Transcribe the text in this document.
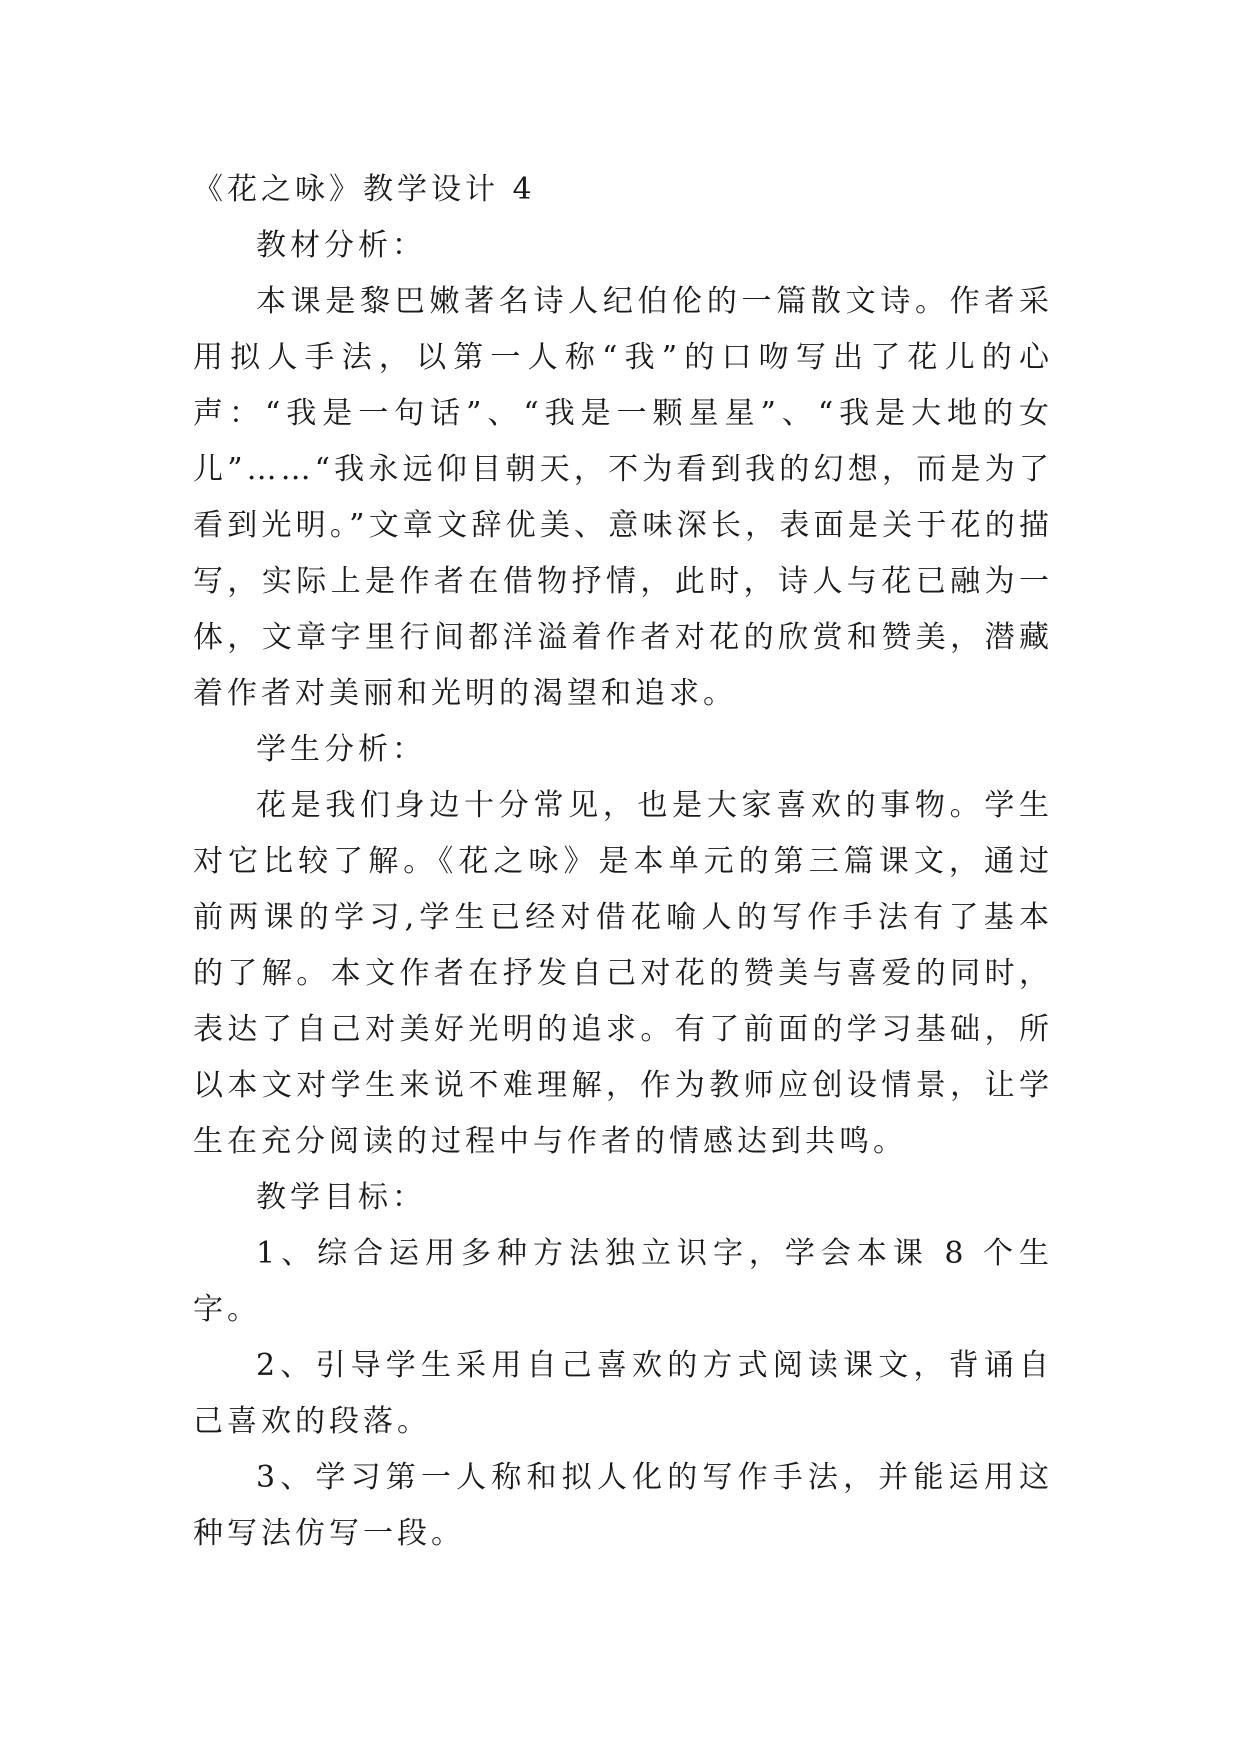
《花之咏》教学设计 4

教材分析：

本课是黎巴嫩著名诗人纪伯伦的一篇散文诗。作者采用拟人手法，以第一人称“我”的口吻写出了花儿的心声：“我是一句话”、“我是一颗星星”、“我是大地的女儿”……“我永远仰目朝天，不为看到我的幻想，而是为了看到光明。”文章文辞优美、意味深长，表面是关于花的描写，实际上是作者在借物抒情，此时，诗人与花已融为一体，文章字里行间都洋溢着作者对花的欣赏和赞美，潜藏着作者对美丽和光明的渴望和追求。

学生分析：

花是我们身边十分常见，也是大家喜欢的事物。学生对它比较了解。《花之咏》是本单元的第三篇课文，通过前两课的学习,学生已经对借花喻人的写作手法有了基本的了解。本文作者在抒发自己对花的赞美与喜爱的同时，表达了自己对美好光明的追求。有了前面的学习基础，所以本文对学生来说不难理解，作为教师应创设情景，让学生在充分阅读的过程中与作者的情感达到共鸣。

教学目标：

1、综合运用多种方法独立识字，学会本课 8 个生字。

2、引导学生采用自己喜欢的方式阅读课文，背诵自己喜欢的段落。

3、学习第一人称和拟人化的写作手法，并能运用这种写法仿写一段。
